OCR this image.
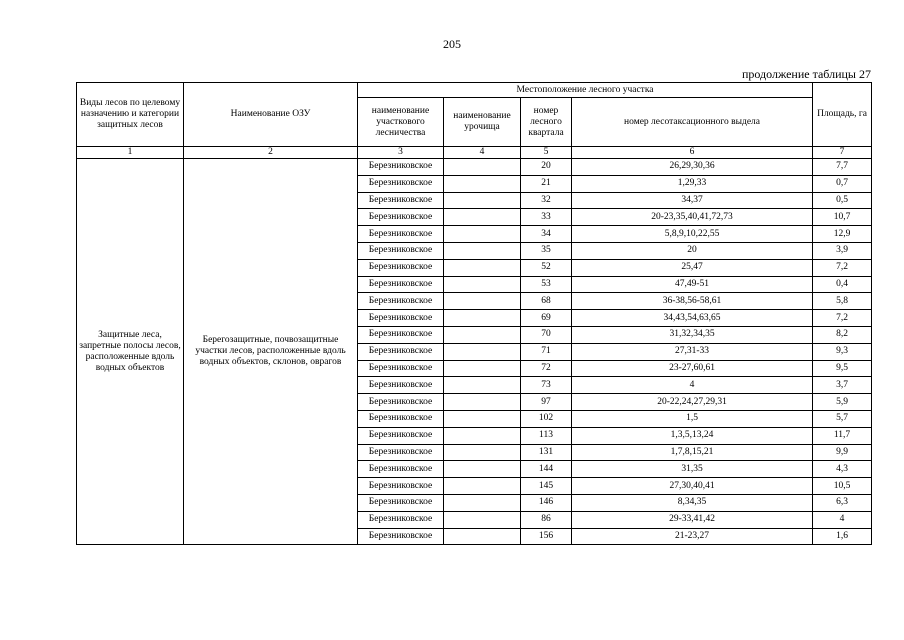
205
продолжение таблицы 27
Виды лесов по целевому назначению и категории защитных лесов	Наименование ОЗУ	Местоположение лесного участка				Площадь, га
		наименование участкового лесничества	наименование урочища	номер лесного квартала	номер лесотаксационного выдела	
1	2	3	4	5	6	7
Защитные леса, запретные полосы лесов, расположенные вдоль водных объектов	Берегозащитные, почвозащитные участки лесов, расположенные вдоль водных объектов, склонов, оврагов	Березниковское		20	26,29,30,36	7,7
		Березниковское		21	1,29,33	0,7
		Березниковское		32	34,37	0,5
		Березниковское		33	20-23,35,40,41,72,73	10,7
		Березниковское		34	5,8,9,10,22,55	12,9
		Березниковское		35	20	3,9
		Березниковское		52	25,47	7,2
		Березниковское		53	47,49-51	0,4
		Березниковское		68	36-38,56-58,61	5,8
		Березниковское		69	34,43,54,63,65	7,2
		Березниковское		70	31,32,34,35	8,2
		Березниковское		71	27,31-33	9,3
		Березниковское		72	23-27,60,61	9,5
		Березниковское		73	4	3,7
		Березниковское		97	20-22,24,27,29,31	5,9
		Березниковское		102	1,5	5,7
		Березниковское		113	1,3,5,13,24	11,7
		Березниковское		131	1,7,8,15,21	9,9
		Березниковское		144	31,35	4,3
		Березниковское		145	27,30,40,41	10,5
		Березниковское		146	8,34,35	6,3
		Березниковское		86	29-33,41,42	4
		Березниковское		156	21-23,27	1,6
